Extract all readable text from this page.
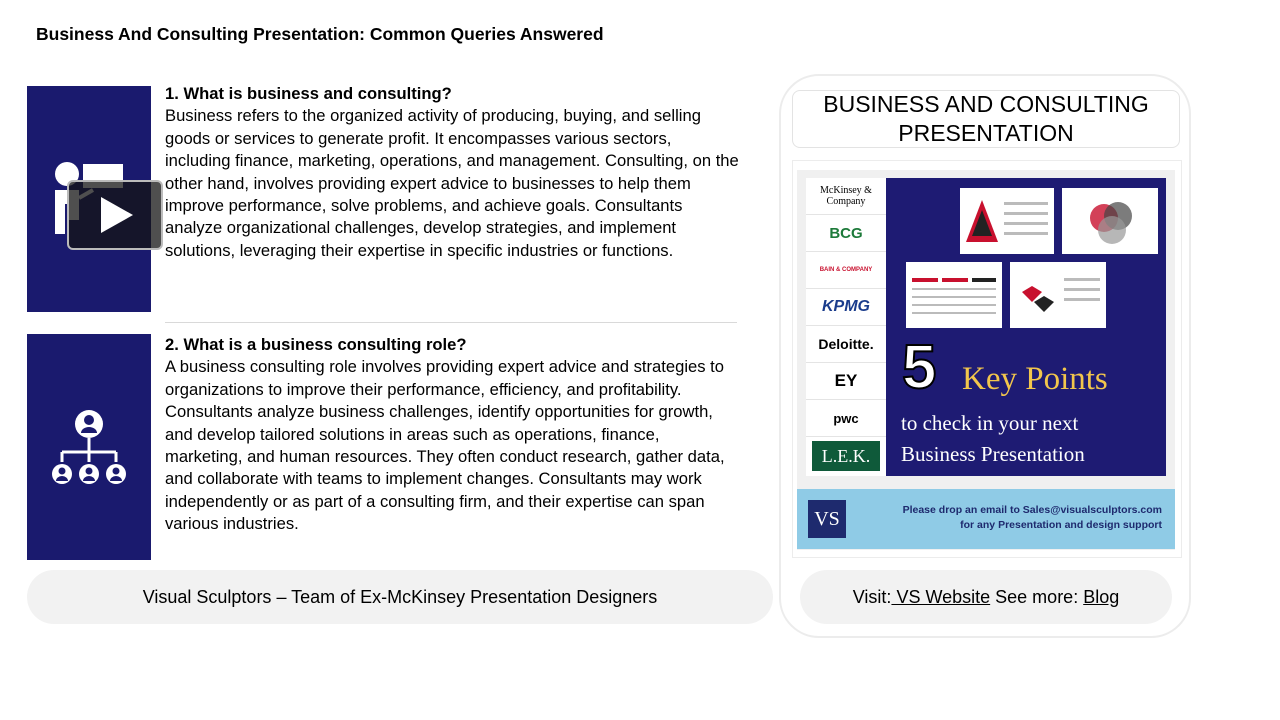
Business And Consulting Presentation: Common Queries Answered
1. What is business and consulting?
Business refers to the organized activity of producing, buying, and selling goods or services to generate profit. It encompasses various sectors, including finance, marketing, operations, and management. Consulting, on the other hand, involves providing expert advice to businesses to help them improve performance, solve problems, and achieve goals. Consultants analyze organizational challenges, develop strategies, and implement solutions, leveraging their expertise in specific industries or functions.
2. What is a business consulting role?
A business consulting role involves providing expert advice and strategies to organizations to improve their performance, efficiency, and profitability. Consultants analyze business challenges, identify opportunities for growth, and develop tailored solutions in areas such as operations, finance, marketing, and human resources. They often conduct research, gather data, and collaborate with teams to implement changes. Consultants may work independently or as part of a consulting firm, and their expertise can span various industries.
Visual Sculptors – Team of Ex-McKinsey Presentation Designers
BUSINESS AND CONSULTING PRESENTATION
McKinsey & Company
BCG
BAIN & COMPANY
KPMG
Deloitte.
EY
pwc
L.E.K.
5 Key Points
to check in your next
Business Presentation
VS	Please drop an email to Sales@visualsculptors.com
for any Presentation and design support
Visit: VS Website See more: Blog
